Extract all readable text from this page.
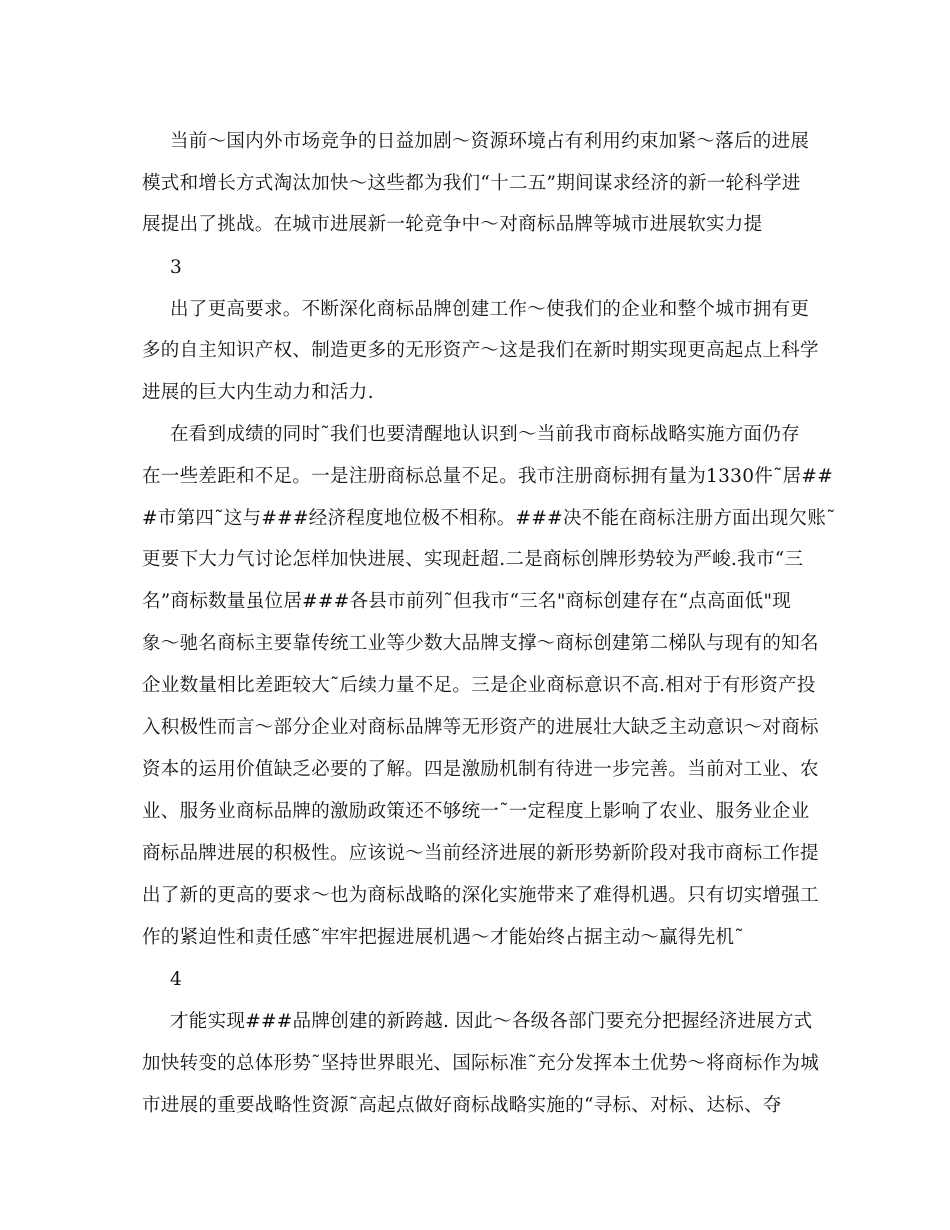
当前～国内外市场竞争的日益加剧～资源环境占有利用约束加紧～落后的进展
模式和增长方式淘汰加快～这些都为我们“十二五”期间谋求经济的新一轮科学进
展提出了挑战。在城市进展新一轮竞争中～对商标品牌等城市进展软实力提
3
出了更高要求。不断深化商标品牌创建工作～使我们的企业和整个城市拥有更
多的自主知识产权、制造更多的无形资产～这是我们在新时期实现更高起点上科学
进展的巨大内生动力和活力.
在看到成绩的同时˜我们也要清醒地认识到～当前我市商标战略实施方面仍存
在一些差距和不足。一是注册商标总量不足。我市注册商标拥有量为1330件˜居##
#市第四˜这与###经济程度地位极不相称。###决不能在商标注册方面出现欠账˜
更要下大力气讨论怎样加快进展、实现赶超.二是商标创牌形势较为严峻.我市“三
名”商标数量虽位居###各县市前列˜但我市“三名"商标创建存在“点高面低"现
象～驰名商标主要靠传统工业等少数大品牌支撑～商标创建第二梯队与现有的知名
企业数量相比差距较大˜后续力量不足。三是企业商标意识不高.相对于有形资产投
入积极性而言～部分企业对商标品牌等无形资产的进展壮大缺乏主动意识～对商标
资本的运用价值缺乏必要的了解。四是激励机制有待进一步完善。当前对工业、农
业、服务业商标品牌的激励政策还不够统一˜一定程度上影响了农业、服务业企业
商标品牌进展的积极性。应该说～当前经济进展的新形势新阶段对我市商标工作提
出了新的更高的要求～也为商标战略的深化实施带来了难得机遇。只有切实增强工
作的紧迫性和责任感˜牢牢把握进展机遇～才能始终占据主动～赢得先机˜
4
才能实现###品牌创建的新跨越. 因此～各级各部门要充分把握经济进展方式
加快转变的总体形势˜坚持世界眼光、国际标准˜充分发挥本土优势～将商标作为城
市进展的重要战略性资源˜高起点做好商标战略实施的“寻标、对标、达标、夺
